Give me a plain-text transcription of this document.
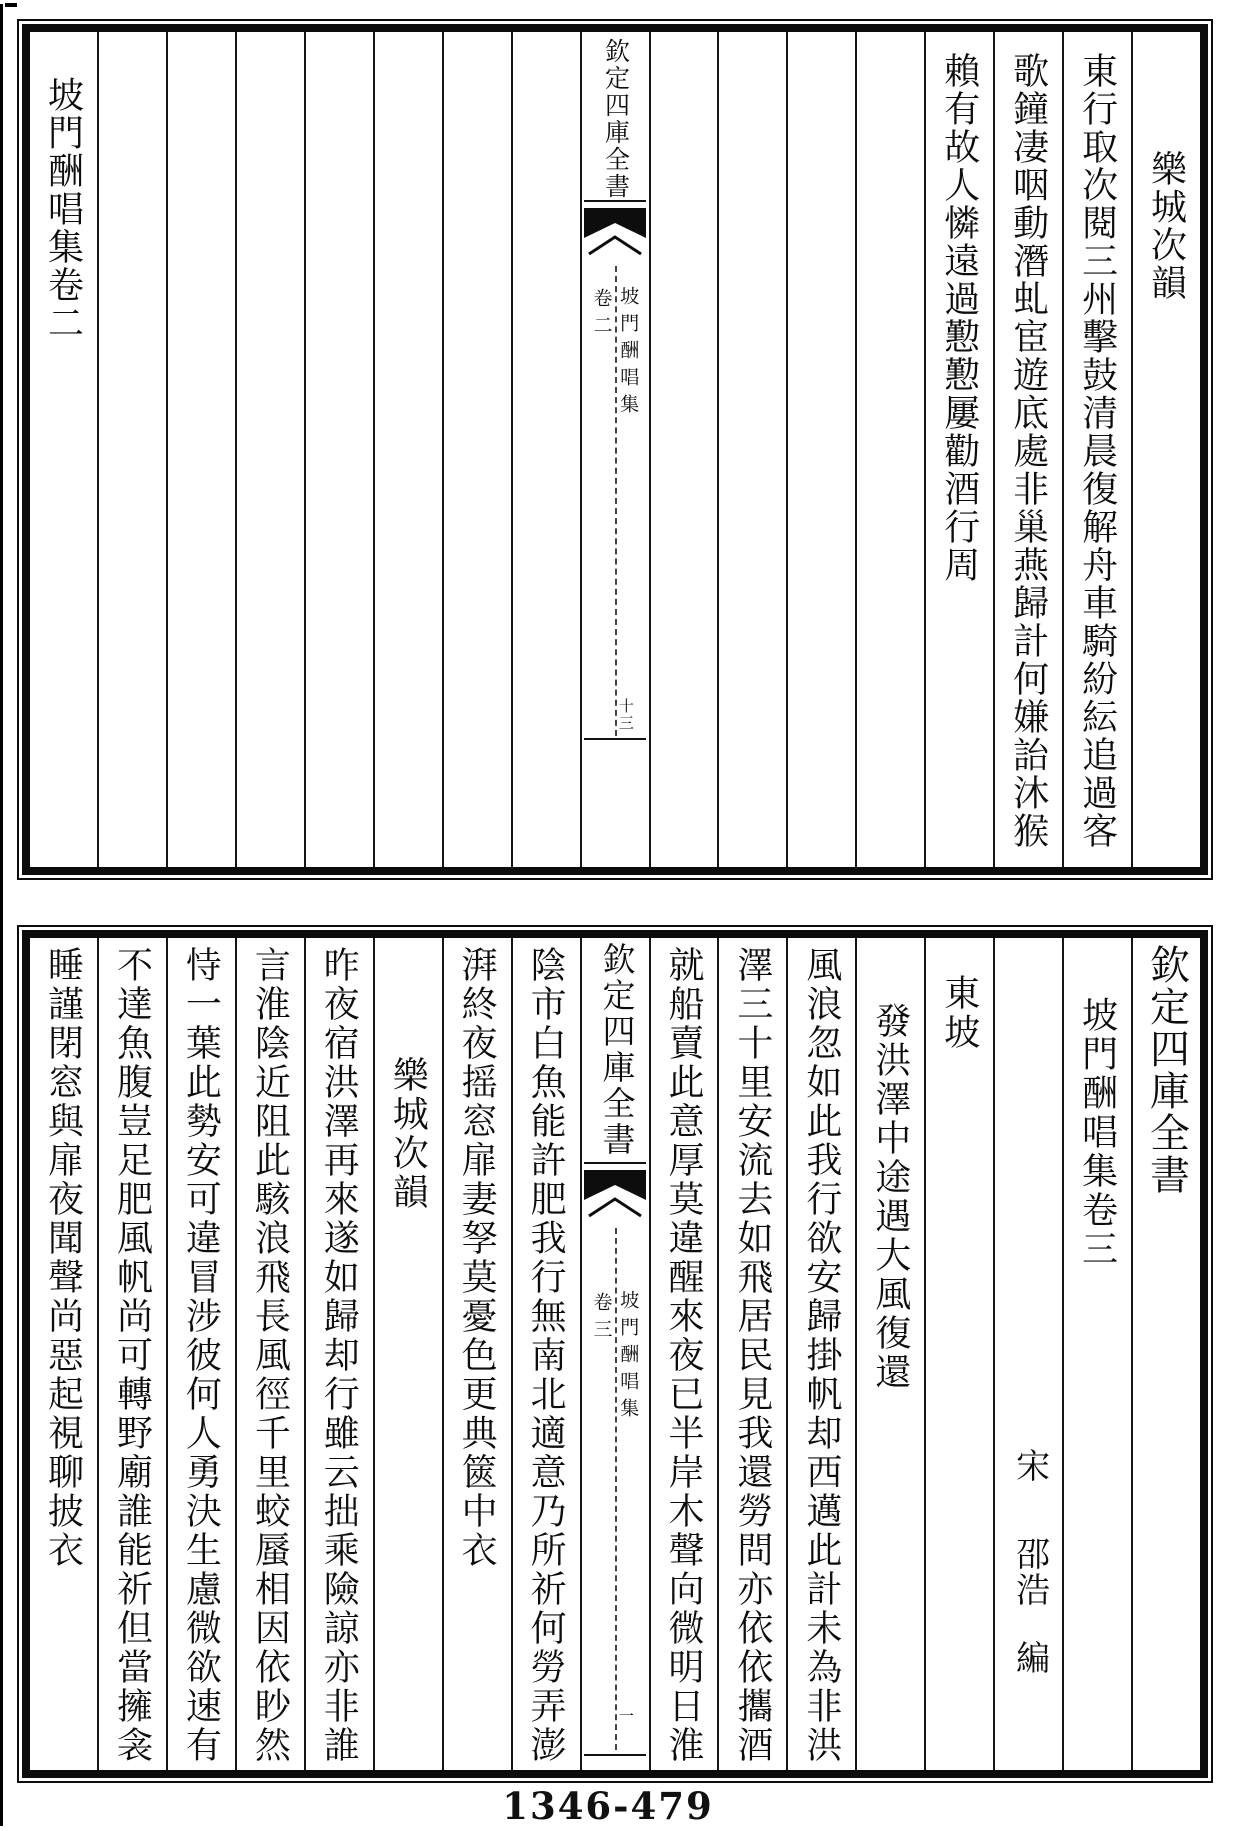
樂城次韻
東行取次閱三州擊鼓清晨復解舟車騎紛紜追過客
歌鐘凄咽動潛虬宦遊底處非巢燕歸計何嫌詒沐猴
賴有故人憐遠過懃懃屢勸酒行周
欽定四庫全書
坡門酬唱集
卷二
十三
坡門酬唱集卷二
欽定四庫全書
坡門酬唱集卷三
宋
邵浩
編
東坡
發洪澤中途遇大風復還
風浪忽如此我行欲安歸掛帆却西邁此計未為非洪
澤三十里安流去如飛居民見我還勞問亦依依攜酒
就船賣此意厚莫違醒來夜已半岸木聲向微明日淮
欽定四庫全書
坡門酬唱集
卷三
一
陰市白魚能許肥我行無南北適意乃所祈何勞弄澎
湃終夜摇窓扉妻孥莫憂色更典篋中衣
樂城次韻
昨夜宿洪澤再來遂如歸却行雖云拙乘險諒亦非誰
言淮陰近阻此駭浪飛長風徑千里蛟蜃相因依眇然
恃一葉此勢安可違冒涉彼何人勇決生慮微欲速有
不達魚腹豈足肥風帆尚可轉野廟誰能祈但當擁衾
睡謹閉窓與扉夜聞聲尚惡起視聊披衣
1346-479
